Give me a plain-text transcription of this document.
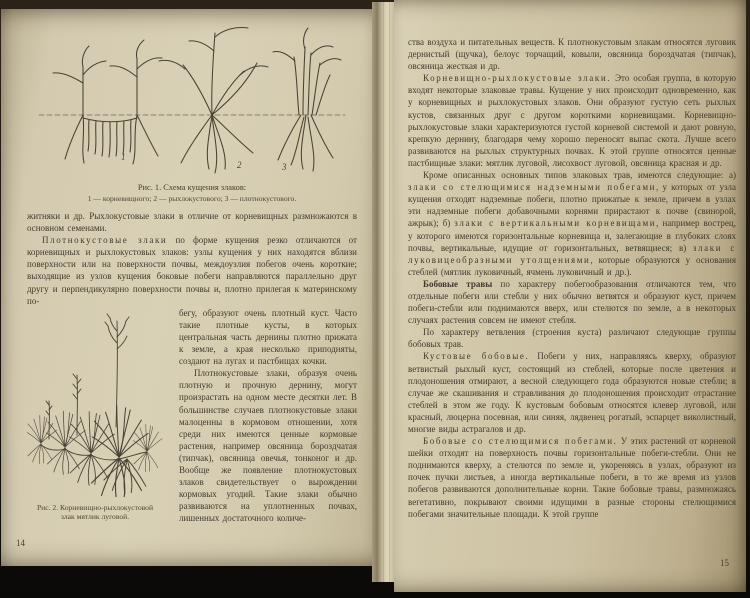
1
2	3
Рис. 1. Схема кущения злаков:
1 — корневищного; 2 — рыхлокустового; 3 — плотнокустового.

житняки и др. Рыхлокустовые злаки в отличие от корневищных размножаются в основном семенами.

Плотнокустовые злаки по форме кущения резко отличаются от корневищных и рыхлокустовых злаков: узлы кущения у них находятся вблизи поверхности или на поверхности почвы, междоузлия побегов очень короткие; выходящие из узлов кущения боковые побеги направляются параллельно друг другу и перпендикулярно поверхности почвы и, плотно прилегая к материнскому по-

Рис. 2. Корневищно-рыхлокустовой
злак мятлик луговой.

бегу, образуют очень плотный куст. Часто такие плотные кусты, в которых центральная часть дернины плотно прижата к земле, а края несколько приподняты, создают на лугах и пастбищах кочки.

Плотнокустовые злаки, образуя очень плотную и прочную дернину, могут произрастать на одном месте десятки лет. В большинстве случаев плотнокустовые злаки малоценны в кормовом отношении, хотя среди них имеются ценные кормовые растения, например овсяница бороздчатая (типчак), овсяница овечья, тонконог и др. Вообще же появление плотнокустовых злаков свидетельствует о вырождении кормовых угодий. Такие злаки обычно развиваются на уплотненных почвах, лишенных достаточного количе-

14

ства воздуха и питательных веществ. К плотнокустовым злакам относятся луговик дернистый (щучка), белоус торчащий, ковыли, овсяница бороздчатая (типчак), овсяница жесткая и др.

Корневищно-рыхлокустовые злаки. Это особая группа, в которую входят некоторые злаковые травы. Кущение у них происходит одновременно, как у корневищных и рыхлокустовых злаков. Они образуют густую сеть рыхлых кустов, связанных друг с другом короткими корневищами. Корневищно-рыхлокустовые злаки характеризуются густой корневой системой и дают ровную, крепкую дернину, благодаря чему хорошо переносят выпас скота. Лучше всего развиваются на рыхлых структурных почвах. К этой группе относятся ценные пастбищные злаки: мятлик луговой, лисохвост луговой, овсяница красная и др.

Кроме описанных основных типов злаковых трав, имеются следующие: а) злаки со стелющимися надземными побегами, у которых от узла кущения отходят надземные побеги, плотно прижатые к земле, причем в узлах эти надземные побеги добавочными корнями прирастают к почве (свинорой, ажрык); б) злаки с вертикальными корневищами, например вострец, у которого имеются горизонтальные корневища и, залегающие в глубоких слоях почвы, вертикальные, идущие от горизонтальных, ветвящиеся; в) злаки с луковицеобразными утолщениями, которые образуются у основания стеблей (мятлик луковичный, ячмень луковичный и др.).

Бобовые травы по характеру побегообразования отличаются тем, что отдельные побеги или стебли у них обычно ветвятся и образуют куст, причем побеги-стебли или поднимаются вверх, или стелются по земле, а в некоторых случаях растения совсем не имеют стебля.

По характеру ветвления (строения куста) различают следующие группы бобовых трав.

Кустовые бобовые. Побеги у них, направляясь кверху, образуют ветвистый рыхлый куст, состоящий из стеблей, которые после цветения и плодоношения отмирают, а весной следующего года образуются новые стебли; в случае же скашивания и стравливания до плодоношения происходит отрастание стеблей в этом же году. К кустовым бобовым относятся клевер луговой, или красный, люцерна посевная, или синяя, лядвенец рогатый, эспарцет виколистный, многие виды астрагалов и др.

Бобовые со стелющимися побегами. У этих растений от корневой шейки отходят на поверхность почвы горизонтальные побеги-стебли. Они не поднимаются кверху, а стелются по земле и, укореняясь в узлах, образуют из почек пучки листьев, а иногда вертикальные побеги, в то же время из узлов побегов развиваются дополнительные корни. Такие бобовые травы, размножаясь вегетативно, покрывают своими идущими в разные стороны стелющимися побегами значительные площади. К этой группе

15
